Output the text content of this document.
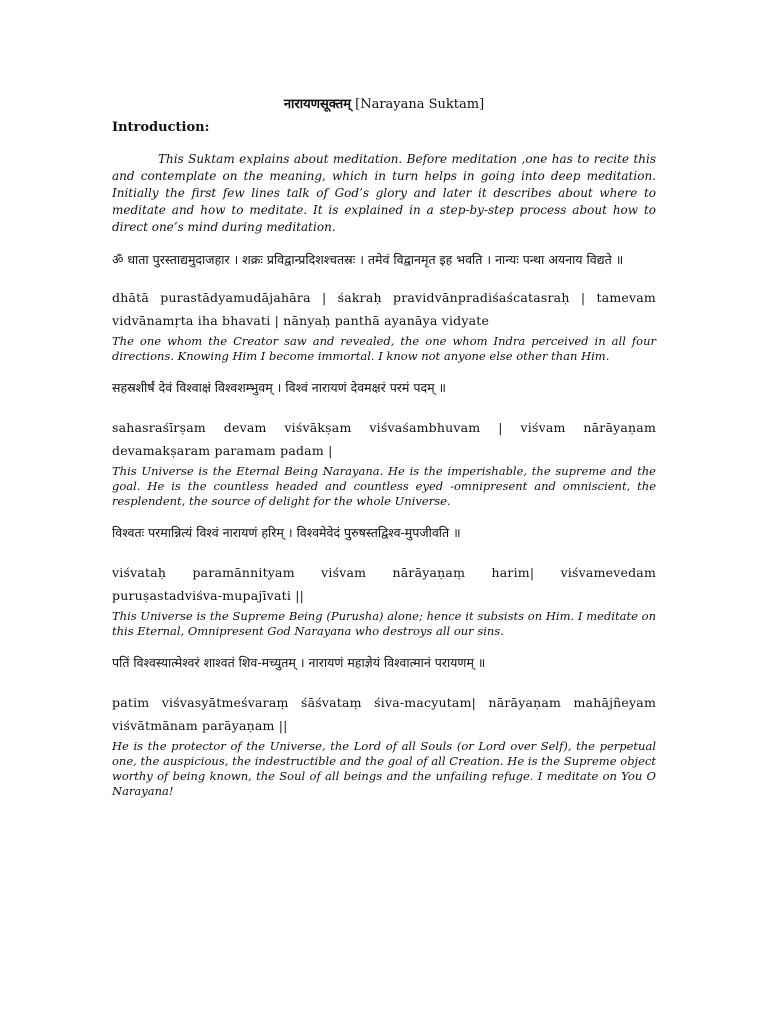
नारायणसूक्तम् [Narayana Suktam]
Introduction:

This Suktam explains about meditation. Before meditation ,one has to recite this and contemplate on the meaning, which in turn helps in going into deep meditation. Initially the first few lines talk of God’s glory and later it describes about where to meditate and how to meditate. It is explained in a step-by-step process about how to direct one’s mind during meditation.

ॐ धाता पुरस्ताद्यमुदाजहार । शक्रः प्रविद्वान्प्रदिशश्चतस्रः । तमेवं विद्वानमृत इह भवति । नान्यः पन्था अयनाय विद्यते ॥

dhātā purastādyamudājahāra | śakraḥ pravidvānpradiśaścatasraḥ | tamevam vidvānamṛta iha bhavati | nānyaḥ panthā ayanāya vidyate

The one whom the Creator saw and revealed, the one whom Indra perceived in all four directions. Knowing Him I become immortal. I know not anyone else other than Him.

सहस्रशीर्षं देवं विश्वाक्षं विश्वशम्भुवम् । विश्वं नारायणं देवमक्षरं परमं पदम् ॥

sahasraśīrṣam devam viśvākṣam viśvaśambhuvam | viśvam nārāyaṇam devamakṣaram paramam padam |

This Universe is the Eternal Being Narayana. He is the imperishable, the supreme and the goal. He is the countless headed and countless eyed -omnipresent and omniscient, the resplendent, the source of delight for the whole Universe.

विश्वतः परमान्नित्यं विश्वं नारायणं हरिम् । विश्वमेवेदं पुरुषस्तद्विश्व-मुपजीवति ॥

viśvataḥ paramānnityam viśvam nārāyaṇaṃ harim| viśvamevedam puruṣastadviśva-mupajīvati ||

This Universe is the Supreme Being (Purusha) alone; hence it subsists on Him. I meditate on this Eternal, Omnipresent God Narayana who destroys all our sins.

पतिं विश्वस्यात्मेश्वरं शाश्वतं शिव-मच्युतम् । नारायणं महाज्ञेयं विश्वात्मानं परायणम् ॥

patim viśvasyātmeśvaraṃ śāśvataṃ śiva-macyutam| nārāyaṇam mahājñeyam viśvātmānam parāyaṇam ||

He is the protector of the Universe, the Lord of all Souls (or Lord over Self), the perpetual one, the auspicious, the indestructible and the goal of all Creation. He is the Supreme object worthy of being known, the Soul of all beings and the unfailing refuge. I meditate on You O Narayana!
